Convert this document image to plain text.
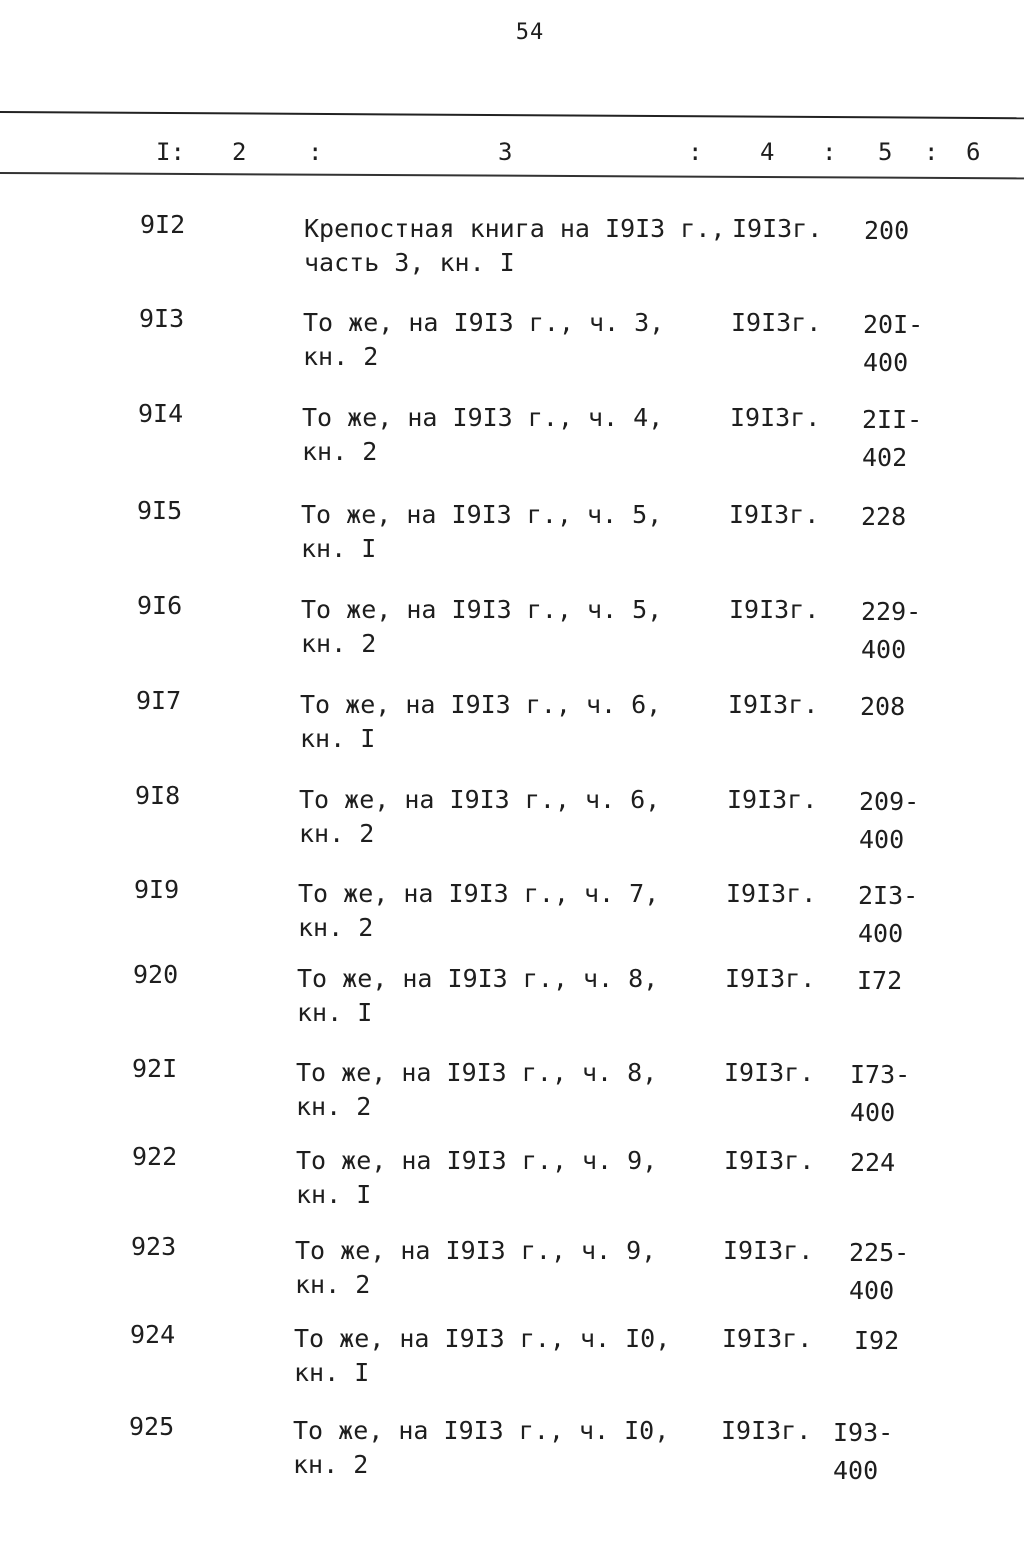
54
I: 2	:	3	: 4 : 5 : 6
9I2	Крепостная книга на I9I3 г.,
часть 3, кн. I
I9I3г.	200
9I3	То же, на I9I3 г., ч. 3,
кн. 2
I9I3г.	20I-
400
9I4	То же, на I9I3 г., ч. 4,
кн. 2
I9I3г.	2II-
402
9I5	То же, на I9I3 г., ч. 5,
кн. I
I9I3г.	228
9I6	То же, на I9I3 г., ч. 5,
кн. 2
I9I3г.	229-
400
9I7	То же, на I9I3 г., ч. 6,
кн. I
I9I3г.	208
9I8	То же, на I9I3 г., ч. 6,
кн. 2
I9I3г.	209-
400
9I9	То же, на I9I3 г., ч. 7,
кн. 2
I9I3г.	2I3-
400
920	То же, на I9I3 г., ч. 8,
кн. I
I9I3г.	I72
92I	То же, на I9I3 г., ч. 8,
кн. 2
I9I3г.	I73-
400
922	То же, на I9I3 г., ч. 9,
кн. I
I9I3г.	224
923	То же, на I9I3 г., ч. 9,
кн. 2
I9I3г.	225-
400
924	То же, на I9I3 г., ч. I0,
кн. I
I9I3г.	I92
925	То же, на I9I3 г., ч. I0,
кн. 2
I9I3г. I93-
400
